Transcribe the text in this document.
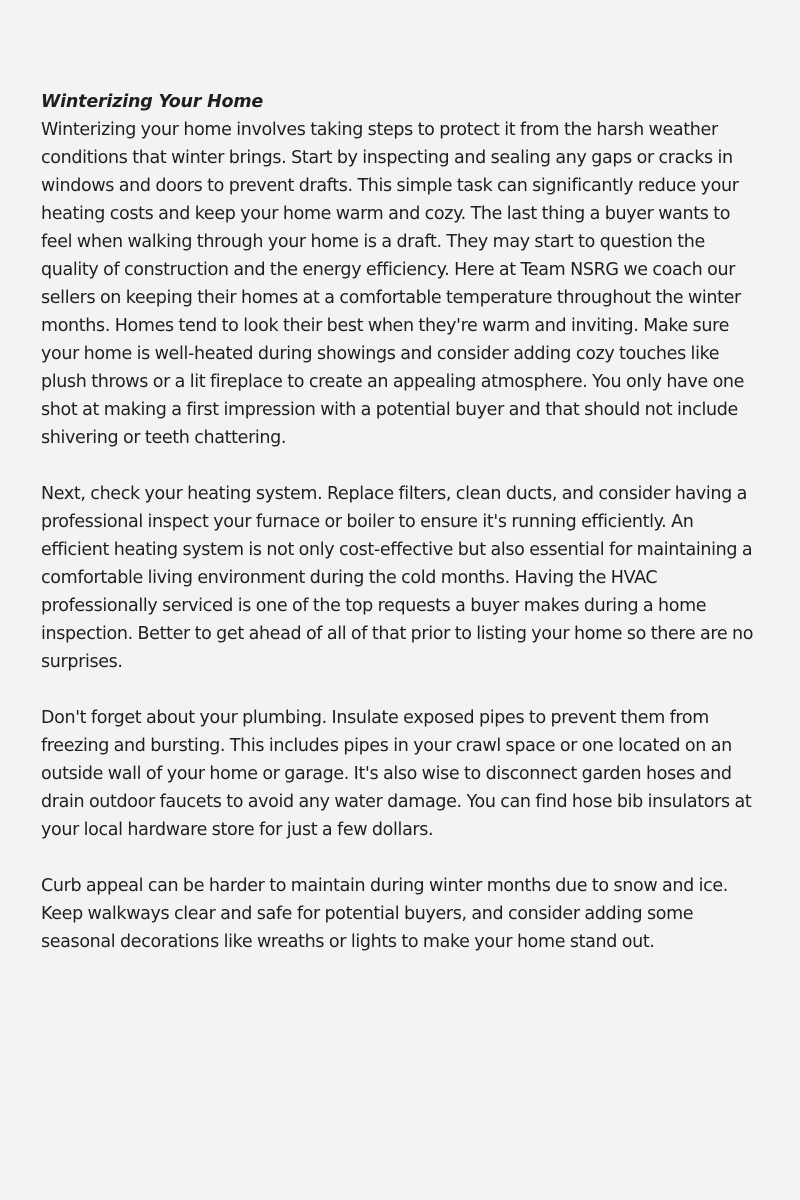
Winterizing Your Home

Winterizing your home involves taking steps to protect it from the harsh weather conditions that winter brings. Start by inspecting and sealing any gaps or cracks in windows and doors to prevent drafts. This simple task can significantly reduce your heating costs and keep your home warm and cozy. The last thing a buyer wants to feel when walking through your home is a draft. They may start to question the quality of construction and the energy efficiency. Here at Team NSRG we coach our sellers on keeping their homes at a comfortable temperature throughout the winter months. Homes tend to look their best when they're warm and inviting. Make sure your home is well-heated during showings and consider adding cozy touches like plush throws or a lit fireplace to create an appealing atmosphere. You only have one shot at making a first impression with a potential buyer and that should not include shivering or teeth chattering.

Next, check your heating system. Replace filters, clean ducts, and consider having a professional inspect your furnace or boiler to ensure it's running efficiently. An efficient heating system is not only cost-effective but also essential for maintaining a comfortable living environment during the cold months. Having the HVAC professionally serviced is one of the top requests a buyer makes during a home inspection. Better to get ahead of all of that prior to listing your home so there are no surprises.

Don't forget about your plumbing. Insulate exposed pipes to prevent them from freezing and bursting. This includes pipes in your crawl space or one located on an outside wall of your home or garage. It's also wise to disconnect garden hoses and drain outdoor faucets to avoid any water damage. You can find hose bib insulators at your local hardware store for just a few dollars.

Curb appeal can be harder to maintain during winter months due to snow and ice. Keep walkways clear and safe for potential buyers, and consider adding some seasonal decorations like wreaths or lights to make your home stand out.
